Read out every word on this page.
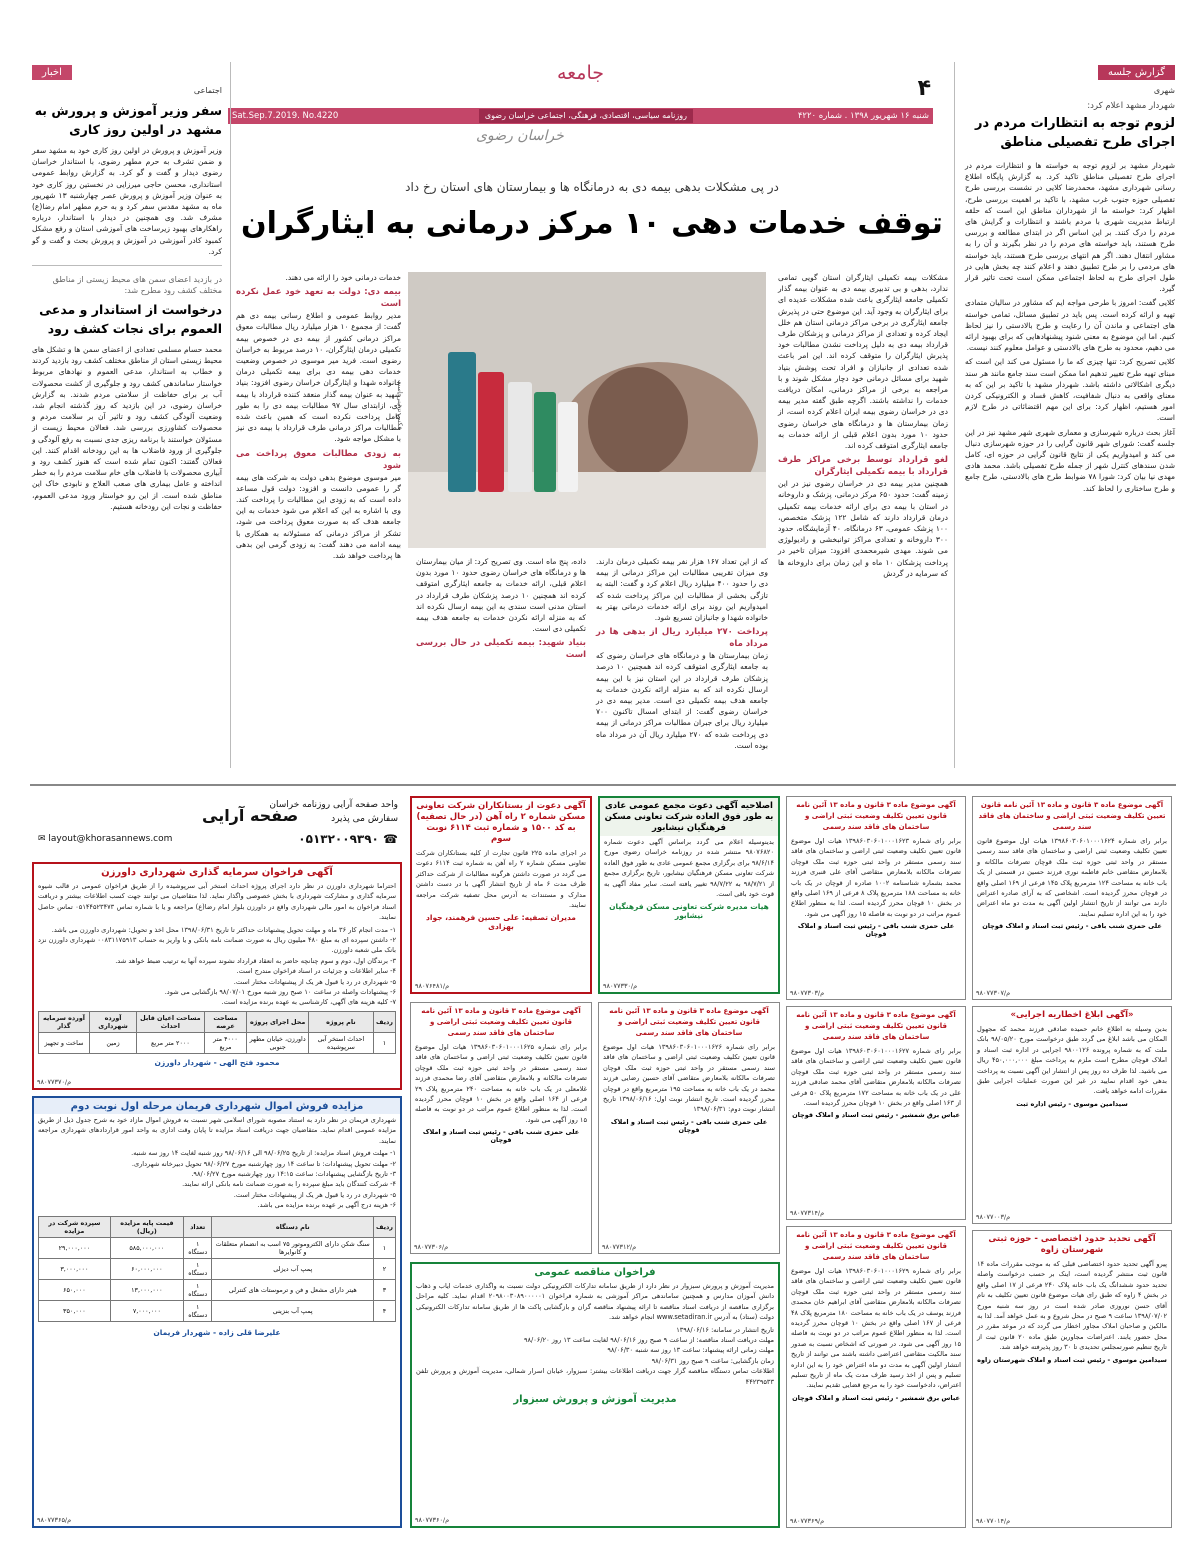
۴
جامعه
شنبه ۱۶ شهریور ۱۳۹۸ . شماره ۴۲۲۰
روزنامه سیاسی، اقتصادی، فرهنگی، اجتماعی خراسان رضوی
Sat.Sep.7.2019. No.4220
خراسان رضوی
گزارش جلسه
شهری
شهردار مشهد اعلام کرد:
لزوم توجه به انتظارات مردم در اجرای طرح تفصیلی مناطق

شهردار مشهد بر لزوم توجه به خواسته ها و انتظارات مردم در اجرای طرح تفصیلی مناطق تاکید کرد. به گزارش پایگاه اطلاع رسانی شهرداری مشهد، محمدرضا کلایی در نشست بررسی طرح تفصیلی حوزه جنوب غرب مشهد، با تاکید بر اهمیت بررسی طرح، اظهار کرد: خواسته ما از شهرداران مناطق این است که حلقه ارتباط مدیریت شهری با مردم باشند و انتظارات و گرایش های مردم را درک کنند. بر این اساس اگر در ابتدای مطالعه و بررسی طرح هستند، باید خواسته های مردم را در نظر بگیرند و آن را به مشاور انتقال دهند. اگر هم انتهای بررسی طرح هستند، باید خواسته های مردمی را بر طرح تطبیق دهند و اعلام کنند چه بخش هایی در طول اجرای طرح به لحاظ اجتماعی ممکن است تحت تاثیر قرار گیرد.

کلایی گفت: امروز با طرحی مواجه ایم که مشاور در سالیان متمادی تهیه و ارائه کرده است. پس باید در تطبیق مسائل، تمامی خواسته های اجتماعی و ماندن آن را رعایت و طرح بالادستی را نیز لحاظ کنیم. اما این موضوع به معنی شنود پیشنهادهایی که برای بهبود ارائه می دهیم، محدود به طرح های بالادستی و عوامل معلوم کنند نیست.

کلایی تصریح کرد: تنها چیزی که ما را مسئول می کند این است که مبنای تهیه طرح تغییر تدهیم اما ممکن است سند جامع مانند هر سند دیگری اشکالاتی داشته باشد. شهردار مشهد با تاکید بر این که به معنای واقعی به دنبال شفافیت، کاهش فساد و الکترونیکی کردن امور هستیم، اظهار کرد: برای این مهم اقتضائاتی در طرح لازم است.

آغاز بحث درباره شهرسازی و معماری شهری شهر مشهد نیز در این جلسه گفت: شورای شهر قانون گرایی را در حوزه شهرسازی دنبال می کند و امیدواریم یکی از نتایج قانون گرایی در حوزه ای، کامل شدن سندهای کنترل شهر از جمله طرح تفصیلی باشد. محمد هادی مهدی نیا بیان کرد: شورا ۷۸ ضوابط طرح های بالادستی، طرح جامع و طرح ساختاری را لحاظ کند.

اخبار
اجتماعی
سفر وزیر آموزش و پرورش به مشهد در اولین روز کاری
وزیر آموزش و پرورش در اولین روز کاری خود به مشهد سفر و ضمن تشرف به حرم مطهر رضوی، با استاندار خراسان رضوی دیدار و گفت و گو کرد. به گزارش روابط عمومی استانداری، محسن حاجی میرزایی در نخستین روز کاری خود به عنوان وزیر آموزش و پرورش عصر چهارشنبه ۱۳ شهریور ماه به مشهد مقدس سفر کرد و به حرم مطهر امام رضا(ع) مشرف شد. وی همچنین در دیدار با استاندار، درباره راهکارهای بهبود زیرساخت های آموزشی استان و رفع مشکل کمبود کادر آموزشی در آموزش و پرورش بحث و گفت و گو کرد.
در بازدید اعضای سمن های محیط زیستی از مناطق مختلف کشف رود مطرح شد:
درخواست از استاندار و مدعی العموم برای نجات کشف رود
محمد حسام مسلمی تعدادی از اعضای سمن ها و تشکل های محیط زیستی استان از مناطق مختلف کشف رود بازدید کردند و خطاب به استاندار، مدعی العموم و نهادهای مربوط خواستار ساماندهی کشف رود و جلوگیری از کشت محصولات آب بر برای حفاظت از سلامتی مردم شدند. به گزارش خراسان رضوی، در این بازدید که روز گذشته انجام شد، وضعیت آلودگی کشف رود و تاثیر آن بر سلامت مردم و محصولات کشاورزی بررسی شد. فعالان محیط زیست از مسئولان خواستند با برنامه ریزی جدی نسبت به رفع آلودگی و جلوگیری از ورود فاضلاب ها به این رودخانه اقدام کنند. این فعالان گفتند: اکنون تمام شده است که هنوز کشف رود و آبیاری محصولات با فاضلاب های خام سلامت مردم را به خطر انداخته و عامل بیماری های صعب العلاج و نابودی خاک این مناطق شده است. از این رو خواستار ورود مدعی العموم، حفاظت و نجات این رودخانه هستیم.
در پی مشکلات بدهی بیمه دی به درمانگاه ها و بیمارستان های استان رخ داد
توقف خدمات دهی ۱۰ مرکز درمانی به ایثارگران
عکس تزئینی است

مشکلات بیمه تکمیلی ایثارگران استان گویی تمامی ندارد، بدهی و بی تدبیری بیمه دی به عنوان بیمه گذار تکمیلی جامعه ایثارگری باعث شده مشکلات عدیده ای برای ایثارگران به وجود آید. این موضوع حتی در پذیرش جامعه ایثارگری در برخی مراکز درمانی استان هم خلل ایجاد کرده و تعدادی از مراکز درمانی و پزشکان طرف قرارداد بیمه دی به دلیل پرداخت نشدن مطالبات خود پذیرش ایثارگران را متوقف کرده اند. این امر باعث شده تعدادی از جانبازان و افراد تحت پوشش بنیاد شهید برای مسائل درمانی خود دچار مشکل شوند و با مراجعه به برخی از مراکز درمانی، امکان دریافت خدمات را نداشته باشند. اگرچه طبق گفته مدیر بیمه دی در خراسان رضوی بیمه ایران اعلام کرده است، از زمان بیمارستان ها و درمانگاه های خراسان رضوی حدود ۱۰ مورد بدون اعلام قبلی از ارائه خدمات به جامعه ایثارگری امتوقف کرده اند.

لغو قرارداد توسط برخی مراکز طرف قرارداد با بیمه تکمیلی ایثارگران

همچنین مدیر بیمه دی در خراسان رضوی نیز در این زمینه گفت: حدود ۶۵۰ مرکز درمانی، پزشک و داروخانه در استان با بیمه دی برای ارائه خدمات بیمه تکمیلی درمان قرارداد دارند که شامل ۱۲۲ پزشک متخصص، ۱۰۰ پزشک عمومی، ۶۳ درمانگاه، ۴۰ آزمایشگاه، حدود ۳۰۰ داروخانه و تعدادی مراکز توانبخشی و رادیولوژی می شوند. مهدی شیرمحمدی افزود: میزان تاخیر در پرداخت پزشکان ۱۰ ماه و این زمان برای داروخانه ها که سرمایه در گردش

که از این تعداد ۱۶۷ هزار نفر بیمه تکمیلی درمان دارند. وی میزان تقریبی مطالبات این مراکز درمانی از بیمه دی را حدود ۴۰۰ میلیارد ریال اعلام کرد و گفت: البته به تازگی بخشی از مطالبات این مراکز پرداخت شده که امیدواریم این روند برای ارائه خدمات درمانی بهتر به خانواده شهدا و جانبازان تسریع شود.

پرداخت ۲۷۰ میلیارد ریال از بدهی ها در مرداد ماه

زمان بیمارستان ها و درمانگاه های خراسان رضوی که به جامعه ایثارگری امتوقف کرده اند همچنین ۱۰ درصد پزشکان طرف قرارداد در این استان نیز با این بیمه ارسال نکرده اند که به منزله ارائه نکردن خدمات به جامعه هدف بیمه تکمیلی دی است. مدیر بیمه دی در خراسان رضوی گفت: از ابتدای امسال تاکنون ۷۰۰ میلیارد ریال برای جبران مطالبات مراکز درمانی از بیمه دی پرداخت شده که ۲۷۰ میلیارد ریال آن در مرداد ماه بوده است.

داده، پنج ماه است. وی تصریح کرد: از میان بیمارستان ها و درمانگاه های خراسان رضوی حدود ۱۰ مورد بدون اعلام قبلی، ارائه خدمات به جامعه ایثارگری امتوقف کرده اند همچنین ۱۰ درصد پزشکان طرف قرارداد در استان مدنی است سندی به این بیمه ارسال نکرده اند که به منزله ارائه نکردن خدمات به جامعه هدف بیمه تکمیلی دی است.

بنیاد شهید: بیمه تکمیلی در حال بررسی است

خدمات درمانی خود را ارائه می دهند.

بیمه دی: دولت به تعهد خود عمل نکرده است

مدیر روابط عمومی و اطلاع رسانی بیمه دی هم گفت: از مجموع ۱۰ هزار میلیارد ریال مطالبات معوق مراکز درمانی کشور از بیمه دی در خصوص بیمه تکمیلی درمان ایثارگران، ۱۰ درصد مربوط به خراسان رضوی است. فرید میر موسوی در خصوص وضعیت خدمات دهی بیمه دی برای بیمه تکمیلی درمان خانواده شهدا و ایثارگران خراسان رضوی افزود: بنیاد شهید به عنوان بیمه گذار منعقد کننده قرارداد با بیمه دی، ازابتدای سال ۹۷ مطالبات بیمه دی را به طور کامل پرداخت نکرده است که همین باعث شده مطالبات مراکز درمانی طرف قرارداد با بیمه دی نیز با مشکل مواجه شود.

به زودی مطالبات معوق پرداخت می شود

میر موسوی موضوع بدهی دولت به شرکت های بیمه گر را عمومی دانست و افزود: دولت قول مساعد داده است که به زودی این مطالبات را پرداخت کند. وی با اشاره به این که اعلام می شود خدمات به این جامعه هدف که به صورت معوق پرداخت می شود، تشکر از مراکز درمانی که مسئولانه به همکاری با بیمه ادامه می دهند گفت: به زودی گرمی این بدهی ها پرداخت خواهد شد.

صفحه آرایی
واحد صفحه آرایی روزنامه خراسان
سفارش می پذیرد
☎ ۰۵۱۳۲۰۰۹۳۹۰
✉ layout@khorasannews.com
آگهی فراخوان سرمایه گذاری شهرداری داورزن
احتراما شهرداری داورزن در نظر دارد اجرای پروژه احداث استخر آبی سرپوشیده را از طریق فراخوان عمومی در قالب شیوه سرمایه گذاری و مشارکت شهرداری با بخش خصوصی واگذار نماید. لذا متقاضیان می توانند جهت کسب اطلاعات بیشتر و دریافت اسناد فراخوان به امور مالی شهرداری واقع در داورزن بلوار امام رضا(ع) مراجعه و یا با شماره تماس ۰۵۱۴۴۵۲۳۴۷۳ تماس حاصل نمایند.
۱- مدت انجام کار ۳۶ ماه و مهلت تحویل پیشنهادات حداکثر تا تاریخ ۱۳۹۸/۰۶/۳۱ محل اخذ و تحویل: شهرداری داورزن می باشد.
۲- داشتن سپرده ای به مبلغ ۴۸۰ میلیون ریال به صورت ضمانت نامه بانکی و یا واریز به حساب ۰۰۸۳۱۱۷۵۹۱۳ شهرداری داورزن نزد بانک ملی شعبه داورزن.
۳- برندگان اول، دوم و سوم چنانچه حاضر به انعقاد قرارداد نشوند سپرده آنها به ترتیب ضبط خواهد شد.
۴- سایر اطلاعات و جزئیات در اسناد فراخوان مندرج است.
۵- شهرداری در رد یا قبول هر یک از پیشنهادات مختار است.
۶- پیشنهادات واصله در ساعت ۱۰ صبح روز شنبه مورخ ۹۸/۰۷/۰۱ بازگشایی می شود.
۷- کلیه هزینه های آگهی، کارشناسی به عهده برنده مزایده است.
ردیف	نام پروژه	محل اجرای پروژه	مساحت عرصه	مساحت اعیان قابل احداث	آورده شهرداری	آورده سرمایه گذار
۱	احداث استخر آبی سرپوشیده	داورزن، خیابان مطهر جنوبی	۴۰۰۰ متر مربع	۲۰۰۰ متر مربع	زمین	ساخت و تجهیز
محمود فتح الهی - شهردار داورزن
۹۸۰۷۷۳۷۰/م
مزایده فروش اموال شهرداری فریمان مرحله اول نوبت دوم
شهرداری فریمان در نظر دارد به استناد مصوبه شورای اسلامی شهر نسبت به فروش اموال مازاد خود به شرح جدول ذیل از طریق مزایده عمومی اقدام نماید. متقاضیان جهت دریافت اسناد مزایده تا پایان وقت اداری به واحد امور قراردادهای شهرداری مراجعه نمایند.
۱- مهلت فروش اسناد مزایده: از تاریخ ۹۸/۰۶/۲۵ الی ۹۸/۰۶/۱۶ روز شنبه لغایت ۱۴ روز سه شنبه.
۲- مهلت تحویل پیشنهادات: تا ساعت ۱۴ روز چهارشنبه مورخ ۹۸/۰۶/۲۷ تحویل دبیرخانه شهرداری.
۳- تاریخ بازگشایی پیشنهادات: ساعت ۱۴:۱۵ روز چهارشنبه مورخ ۹۸/۰۶/۲۷.
۴- شرکت کنندگان باید مبلغ سپرده را به صورت ضمانت نامه بانکی ارائه نمایند.
۵- شهرداری در رد یا قبول هر یک از پیشنهادات مختار است.
۶- هزینه درج آگهی بر عهده برنده مزایده می باشد.
ردیف	نام دستگاه	تعداد	قیمت پایه مزایده (ریال)	سپرده شرکت در مزایده
۱	سنگ شکن دارای الکتروموتور ۷۵ اسب به انضمام متعلقات و کانوایرها	۱ دستگاه	۵۸۵,۰۰۰,۰۰۰	۲۹,۰۰۰,۰۰۰
۲	پمپ آب دیزلی	۱ دستگاه	۶۰,۰۰۰,۰۰۰	۳,۰۰۰,۰۰۰
۳	هیتر دارای مشعل و فن و ترموستات های کنترلی	۱ دستگاه	۱۳,۰۰۰,۰۰۰	۶۵۰,۰۰۰
۴	پمپ آب بنزینی	۱ دستگاه	۷,۰۰۰,۰۰۰	۳۵۰,۰۰۰
علیرضا قلی زاده - شهردار فریمان
۹۸۰۷۷۳۶۵/م
آگهی دعوت از بستانکاران شرکت تعاونی مسکن شماره ۲ راه آهن (در حال تصفیه) به کد ۱۵۰۰ و شماره ثبت ۶۱۱۴ نوبت سوم
در اجرای ماده ۲۲۵ قانون تجارت از کلیه بستانکاران شرکت تعاونی مسکن شماره ۲ راه آهن به شماره ثبت ۶۱۱۴ دعوت می گردد در صورت داشتن هرگونه مطالبات از شرکت حداکثر ظرف مدت ۶ ماه از تاریخ انتشار آگهی با در دست داشتن مدارک و مستندات به آدرس محل تصفیه شرکت مراجعه نمایند.
مدیران تصفیه: علی حسین فرهمند، جواد بهزادی
۹۸۰۷۶۴۸۱/م
اصلاحیه آگهی دعوت مجمع عمومی عادی به طور فوق العاده شرکت تعاونی مسکن فرهنگیان نیشابور
بدینوسیله اعلام می گردد براساس آگهی دعوت شماره ۹۸۰۷۶۸۲۰ منتشر شده در روزنامه خراسان رضوی مورخ ۹۸/۶/۱۴ برای برگزاری مجمع عمومی عادی به طور فوق العاده شرکت تعاونی مسکن فرهنگیان نیشابور، تاریخ برگزاری مجمع از ۹۸/۷/۲۱ به ۹۸/۷/۲۲ تغییر یافته است. سایر مفاد آگهی به قوت خود باقی است.
هیات مدیره شرکت تعاونی مسکن فرهنگیان نیشابور
۹۸۰۷۷۳۳۰/م
آگهی موضوع ماده ۳ قانون و ماده ۱۳ آئین نامه قانون تعیین تکلیف وضعیت ثبتی اراضی و ساختمان های فاقد سند رسمی
برابر رای شماره ۱۳۹۸۶۰۳۰۶۰۱۰۰۰۱۶۲۳ هیات اول موضوع قانون تعیین تکلیف وضعیت ثبتی اراضی و ساختمان های فاقد سند رسمی مستقر در واحد ثبتی حوزه ثبت ملک قوچان تصرفات مالکانه بلامعارض متقاضی آقای علی قنبری فرزند محمد بشماره شناسنامه ۱۰۰۲ صادره از قوچان در یک باب خانه به مساحت ۱۸۸ مترمربع پلاک ۸ فرعی از ۱۶۹ اصلی واقع در بخش ۱۰ قوچان محرز گردیده است. لذا به منظور اطلاع عموم مراتب در دو نوبت به فاصله ۱۵ روز آگهی می شود.
علی حمزی شنب باقی - رئیس ثبت اسناد و املاک قوچان
۹۸۰۷۷۳۰۳/م
آگهی موضوع ماده ۳ قانون و ماده ۱۳ آئین نامه قانون تعیین تکلیف وضعیت ثبتی اراضی و ساختمان های فاقد سند رسمی
برابر رای شماره ۱۳۹۸۶۰۳۰۶۰۱۰۰۰۱۶۲۴ هیات اول موضوع قانون تعیین تکلیف وضعیت ثبتی اراضی و ساختمان های فاقد سند رسمی مستقر در واحد ثبتی حوزه ثبت ملک قوچان تصرفات مالکانه و بلامعارض متقاضی خانم فاطمه نوری فرزند حسین در قسمتی از یک باب خانه به مساحت ۱۲۴ مترمربع پلاک ۱۴۵ فرعی از ۱۶۹ اصلی واقع در قوچان محرز گردیده است. اشخاصی که به آرای صادره اعتراض دارند می توانند از تاریخ انتشار اولین آگهی به مدت دو ماه اعتراض خود را به این اداره تسلیم نمایند.
علی حمزی شنب باقی - رئیس ثبت اسناد و املاک قوچان
۹۸۰۷۷۳۰۷/م
آگهی موضوع ماده ۳ قانون و ماده ۱۳ آئین نامه قانون تعیین تکلیف وضعیت ثبتی اراضی و ساختمان های فاقد سند رسمی
برابر رای شماره ۱۳۹۸۶۰۳۰۶۰۱۰۰۰۱۶۲۵ هیات اول موضوع قانون تعیین تکلیف وضعیت ثبتی اراضی و ساختمان های فاقد سند رسمی مستقر در واحد ثبتی حوزه ثبت ملک قوچان تصرفات مالکانه و بلامعارض متقاضی آقای رضا محمدی فرزند غلامعلی در یک باب خانه به مساحت ۲۴۰ مترمربع پلاک ۲۹ فرعی از ۱۶۴ اصلی واقع در بخش ۱۰ قوچان محرز گردیده است. لذا به منظور اطلاع عموم مراتب در دو نوبت به فاصله ۱۵ روز آگهی می شود.
علی حمزی شنب باقی - رئیس ثبت اسناد و املاک قوچان
۹۸۰۷۷۳۰۶/م
آگهی موضوع ماده ۳ قانون و ماده ۱۳ آئین نامه قانون تعیین تکلیف وضعیت ثبتی اراضی و ساختمان های فاقد سند رسمی
برابر رای شماره ۱۳۹۸۶۰۳۰۶۰۱۰۰۰۱۶۲۶ هیات اول موضوع قانون تعیین تکلیف وضعیت ثبتی اراضی و ساختمان های فاقد سند رسمی مستقر در واحد ثبتی حوزه ثبت ملک قوچان تصرفات مالکانه بلامعارض متقاضی آقای حسین رضایی فرزند محمد در یک باب خانه به مساحت ۱۹۵ مترمربع واقع در قوچان محرز گردیده است. تاریخ انتشار نوبت اول: ۱۳۹۸/۰۶/۱۶ تاریخ انتشار نوبت دوم: ۱۳۹۸/۰۶/۳۱
علی حمزی شنب باقی - رئیس ثبت اسناد و املاک قوچان
۹۸۰۷۷۳۱۲/م
آگهی موضوع ماده ۳ قانون و ماده ۱۳ آئین نامه قانون تعیین تکلیف وضعیت ثبتی اراضی و ساختمان های فاقد سند رسمی
برابر رای شماره ۱۳۹۸۶۰۳۰۶۰۱۰۰۰۱۶۲۷ هیات اول موضوع قانون تعیین تکلیف وضعیت ثبتی اراضی و ساختمان های فاقد سند رسمی مستقر در واحد ثبتی حوزه ثبت ملک قوچان تصرفات مالکانه بلامعارض متقاضی آقای محمد صادقی فرزند علی در یک باب خانه به مساحت ۱۷۲ مترمربع پلاک ۵۰ فرعی از ۱۶۳ اصلی واقع در بخش ۱۰ قوچان محرز گردیده است.
عباس برق شمشیر - رئیس ثبت اسناد و املاک قوچان
۹۸۰۷۷۳۱۴/م
«آگهی ابلاغ اخطاریه اجرایی»
بدین وسیله به اطلاع خانم حمیده صادقی فرزند محمد که مجهول المکان می باشد ابلاغ می گردد طبق درخواست مورخ ۹۸/۰۵/۲۰ بانک ملت که به شماره پرونده ۹۸۰۰۱۲۶ اجرایی در اداره ثبت اسناد و املاک قوچان مطرح است ملزم به پرداخت مبلغ ۴۵۰,۰۰۰,۰۰۰ ریال می باشید. لذا ظرف ده روز پس از انتشار این آگهی نسبت به پرداخت بدهی خود اقدام نمایید در غیر این صورت عملیات اجرایی طبق مقررات ادامه خواهد یافت.
سیدامین موسوی - رئیس اداره ثبت
۹۸۰۷۷۰۰۳/م
فراخوان مناقصه عمومی
مدیریت آموزش و پرورش سبزوار در نظر دارد از طریق سامانه تدارکات الکترونیکی دولت نسبت به واگذاری خدمات ایاب و ذهاب دانش آموزان مدارس و همچنین ساماندهی مراکز آموزشی به شماره فراخوان ۲۰۹۸۰۰۳۰۸۹۰۰۰۰۰۱ اقدام نماید. کلیه مراحل برگزاری مناقصه از دریافت اسناد مناقصه تا ارائه پیشنهاد مناقصه گران و بازگشایی پاکت ها از طریق سامانه تدارکات الکترونیکی دولت (ستاد) به آدرس www.setadiran.ir انجام خواهد شد.
تاریخ انتشار در سامانه: ۱۳۹۸/۰۶/۱۶
مهلت دریافت اسناد مناقصه: از ساعت ۹ صبح روز ۹۸/۰۶/۱۶ لغایت ساعت ۱۳ روز ۹۸/۰۶/۲۰
مهلت زمانی ارائه پیشنهاد: ساعت ۱۳ روز سه شنبه ۹۸/۰۶/۳۰
زمان بازگشایی: ساعت ۹ صبح روز ۹۸/۰۶/۳۱
اطلاعات تماس دستگاه مناقصه گزار جهت دریافت اطلاعات بیشتر: سبزوار، خیابان اسرار شمالی، مدیریت آموزش و پرورش تلفن ۴۴۲۳۹۵۳۳
مدیریت آموزش و پرورش سبزوار
۹۸۰۷۷۳۶۰/م
آگهی موضوع ماده ۳ قانون و ماده ۱۳ آئین نامه قانون تعیین تکلیف وضعیت ثبتی اراضی و ساختمان های فاقد سند رسمی
برابر رای شماره ۱۳۹۸۶۰۳۰۶۰۱۰۰۰۱۶۲۹ هیات اول موضوع قانون تعیین تکلیف وضعیت ثبتی اراضی و ساختمان های فاقد سند رسمی مستقر در واحد ثبتی حوزه ثبت ملک قوچان تصرفات مالکانه بلامعارض متقاضی آقای ابراهیم خان محمدی فرزند یوسف در یک باب خانه به مساحت ۱۸۰ مترمربع پلاک ۴۸ فرعی از ۱۶۷ اصلی واقع در بخش ۱۰ قوچان محرز گردیده است. لذا به منظور اطلاع عموم مراتب در دو نوبت به فاصله ۱۵ روز آگهی می شود. در صورتی که اشخاص نسبت به صدور سند مالکیت متقاضی اعتراضی داشته باشند می توانند از تاریخ انتشار اولین آگهی به مدت دو ماه اعتراض خود را به این اداره تسلیم و پس از اخذ رسید ظرف مدت یک ماه از تاریخ تسلیم اعتراض، دادخواست خود را به مرجع قضایی تقدیم نمایند.
عباس برق شمشیر - رئیس ثبت اسناد و املاک قوچان
۹۸۰۷۷۳۶۹/م
آگهی تحدید حدود اختصاصی - حوزه ثبتی شهرستان زاوه
پیرو آگهی تحدید حدود اختصاصی قبلی که به موجب مقررات ماده ۱۴ قانون ثبت منتشر گردیده است، اینک بر حسب درخواست واصله تحدید حدود ششدانگ یک باب خانه پلاک ۲۴۰ فرعی از ۱۷ اصلی واقع در بخش ۴ زاوه که طبق رای هیات موضوع قانون تعیین تکلیف به نام آقای حسن نوروزی صادر شده است در روز سه شنبه مورخ ۱۳۹۸/۰۷/۰۲ ساعت ۹ صبح در محل شروع و به عمل خواهد آمد. لذا به مالکین و صاحبان املاک مجاور اخطار می گردد که در موعد مقرر در محل حضور یابند. اعتراضات مجاورین طبق ماده ۲۰ قانون ثبت از تاریخ تنظیم صورتمجلس تحدیدی تا ۳۰ روز پذیرفته خواهد شد.
سیدامین موسوی - رئیس ثبت اسناد و املاک شهرستان زاوه
۹۸۰۷۷۰۱۴/م
